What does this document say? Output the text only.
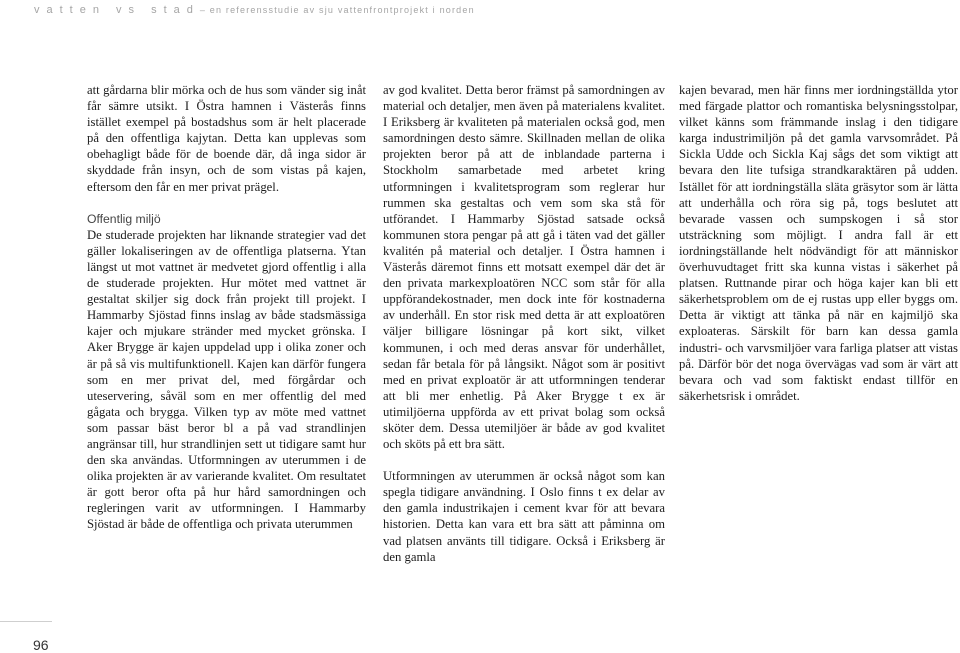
vatten vs stad – en referensstudie av sju vattenfrontprojekt i norden

att gårdarna blir mörka och de hus som vänder sig inåt får sämre utsikt. I Östra hamnen i Västerås finns istället exempel på bostadshus som är helt placerade på den offentliga kajytan. Detta kan upplevas som obehagligt både för de boende där, då inga sidor är skyddade från insyn, och de som vistas på kajen, eftersom den får en mer privat prägel.

Offentlig miljö

De studerade projekten har liknande strategier vad det gäller lokaliseringen av de offentliga platserna. Ytan längst ut mot vattnet är medvetet gjord offentlig i alla de studerade projekten. Hur mötet med vattnet är gestaltat skiljer sig dock från projekt till projekt. I Hammarby Sjöstad finns inslag av både stadsmässiga kajer och mjukare stränder med mycket grönska. I Aker Brygge är kajen uppdelad upp i olika zoner och är på så vis multifunktionell. Kajen kan därför fungera som en mer privat del, med förgårdar och uteservering, såväl som en mer offentlig del med gågata och brygga. Vilken typ av möte med vattnet som passar bäst beror bl a på vad strandlinjen angränsar till, hur strandlinjen sett ut tidigare samt hur den ska användas. Utformningen av uterummen i de olika projekten är av varierande kvalitet. Om resultatet är gott beror ofta på hur hård samordningen och regleringen varit av utformningen. I Hammarby Sjöstad är både de offentliga och privata uterummen

av god kvalitet. Detta beror främst på samordningen av material och detaljer, men även på materialens kvalitet. I Eriksberg är kvaliteten på materialen också god, men samordningen desto sämre. Skillnaden mellan de olika projekten beror på att de inblandade parterna i Stockholm samarbetade med arbetet kring utformningen i kvalitetsprogram som reglerar hur rummen ska gestaltas och vem som ska stå för utförandet. I Hammarby Sjöstad satsade också kommunen stora pengar på att gå i täten vad det gäller kvalitén på material och detaljer. I Östra hamnen i Västerås däremot finns ett motsatt exempel där det är den privata markexploatören NCC som står för alla uppförandekostnader, men dock inte för kostnaderna av underhåll. En stor risk med detta är att exploatören väljer billigare lösningar på kort sikt, vilket kommunen, i och med deras ansvar för underhållet, sedan får betala för på långsikt. Något som är positivt med en privat exploatör är att utformningen tenderar att bli mer enhetlig. På Aker Brygge t ex är utimiljöerna uppförda av ett privat bolag som också sköter dem. Dessa utemiljöer är både av god kvalitet och sköts på ett bra sätt.

Utformningen av uterummen är också något som kan spegla tidigare användning. I Oslo finns t ex delar av den gamla industrikajen i cement kvar för att bevara historien. Detta kan vara ett bra sätt att påminna om vad platsen använts till tidigare. Också i Eriksberg är den gamla

kajen bevarad, men här finns mer iordningställda ytor med färgade plattor och romantiska belysningsstolpar, vilket känns som främmande inslag i den tidigare karga industrimiljön på det gamla varvsområdet. På Sickla Udde och Sickla Kaj sågs det som viktigt att bevara den lite tufsiga strandkaraktären på udden. Istället för att iordningställa släta gräsytor som är lätta att underhålla och röra sig på, togs beslutet att bevarade vassen och sumpskogen i så stor utsträckning som möjligt. I andra fall är ett iordningställande helt nödvändigt för att människor överhuvudtaget fritt ska kunna vistas i säkerhet på platsen. Ruttnande pirar och höga kajer kan bli ett säkerhetsproblem om de ej rustas upp eller byggs om. Detta är viktigt att tänka på när en kajmiljö ska exploateras. Särskilt för barn kan dessa gamla industri- och varvsmiljöer vara farliga platser att vistas på. Därför bör det noga övervägas vad som är värt att bevara och vad som faktiskt endast tillför en säkerhetsrisk i området.

96
